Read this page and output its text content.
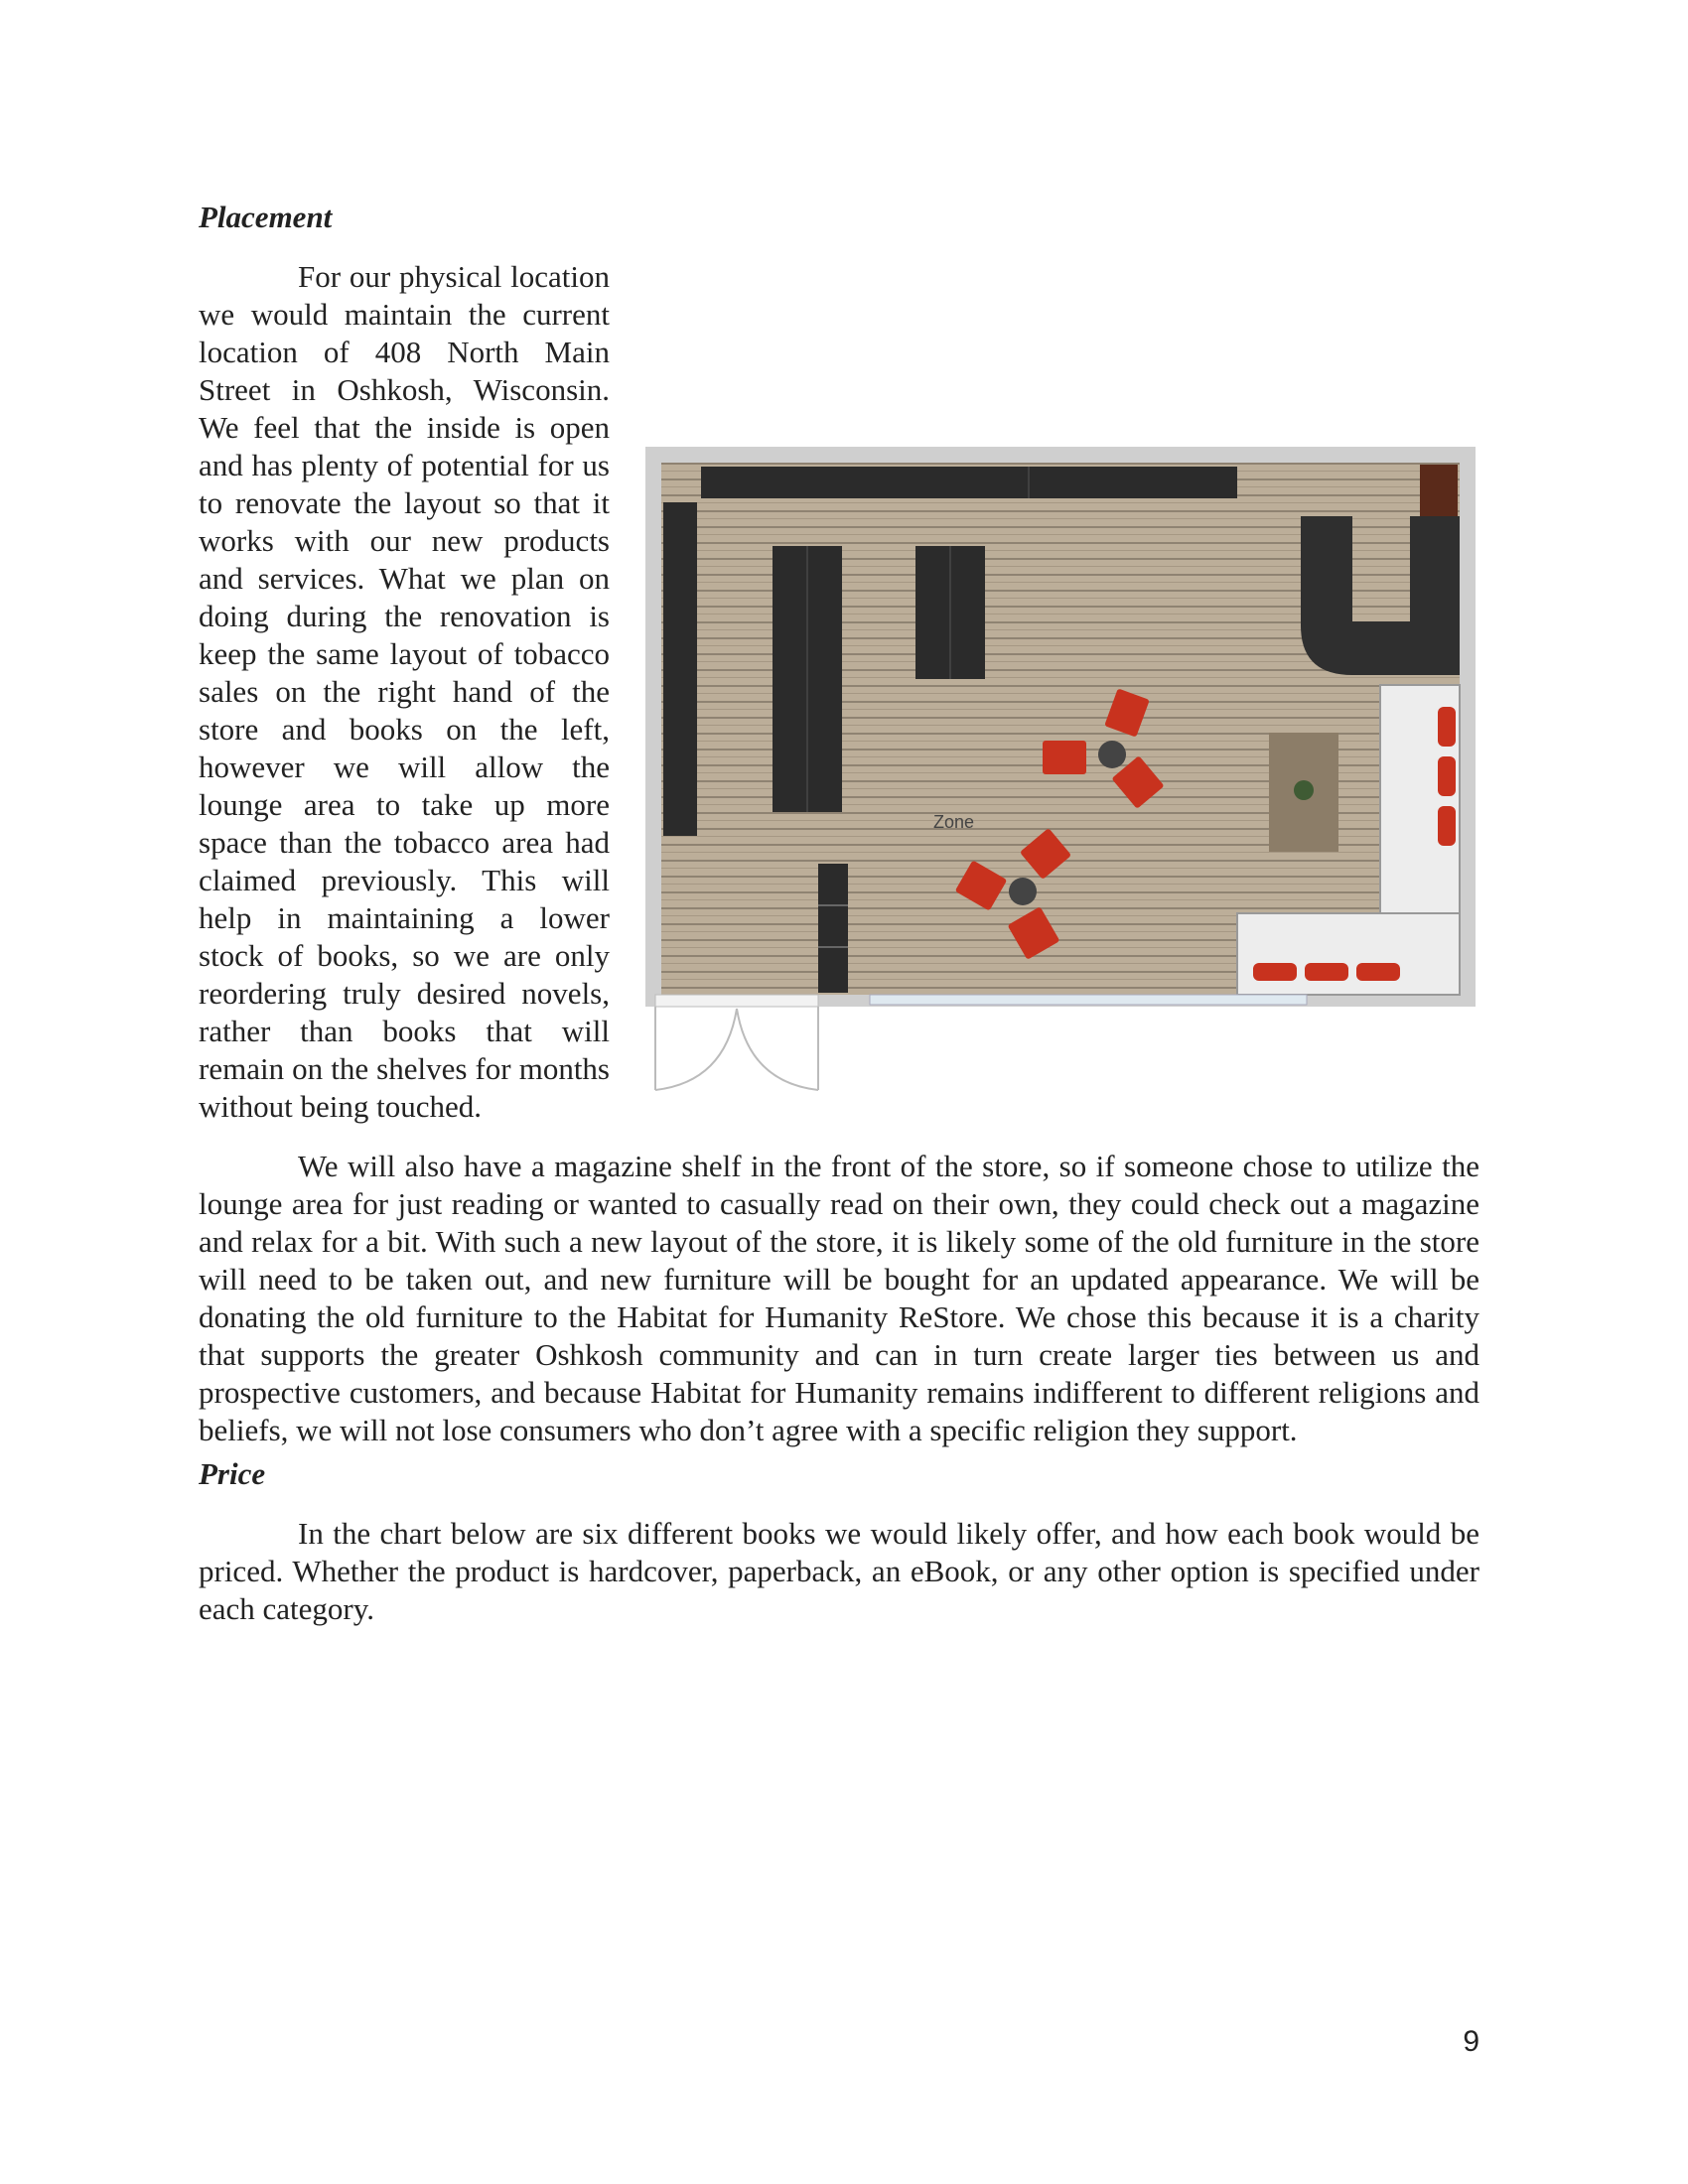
Placement
Zone

For our physical location we would maintain the current location of 408 North Main Street in Oshkosh, Wisconsin. We feel that the inside is open and has plenty of potential for us to renovate the layout so that it works with our new products and services. What we plan on doing during the renovation is keep the same layout of tobacco sales on the right hand of the store and books on the left, however we will allow the lounge area to take up more space than the tobacco area had claimed previously. This will help in maintaining a lower stock of books, so we are only reordering truly desired novels, rather than books that will remain on the shelves for months without being touched.

We will also have a magazine shelf in the front of the store, so if someone chose to utilize the lounge area for just reading or wanted to casually read on their own, they could check out a magazine and relax for a bit. With such a new layout of the store, it is likely some of the old furniture in the store will need to be taken out, and new furniture will be bought for an updated appearance. We will be donating the old furniture to the Habitat for Humanity ReStore. We chose this because it is a charity that supports the greater Oshkosh community and can in turn create larger ties between us and prospective customers, and because Habitat for Humanity remains indifferent to different religions and beliefs, we will not lose consumers who don’t agree with a specific religion they support.

Price

In the chart below are six different books we would likely offer, and how each book would be priced. Whether the product is hardcover, paperback, an eBook, or any other option is specified under each category.

9
